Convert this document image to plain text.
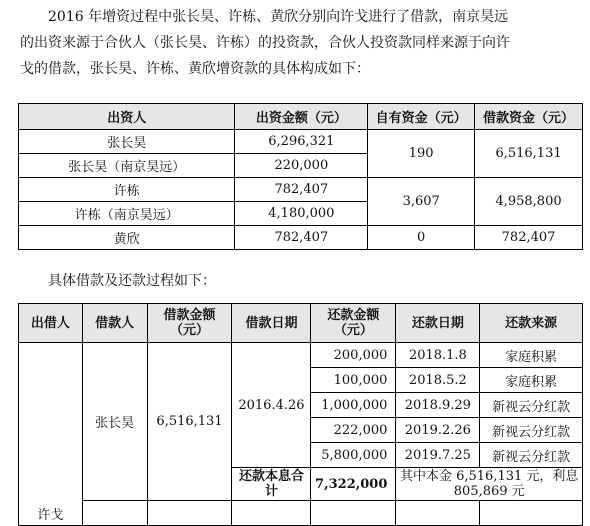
2016 年增资过程中张长昊、许栋、黄欣分别向许戈进行了借款，南京昊远
的出资来源于合伙人（张长昊、许栋）的投资款，合伙人投资款同样来源于向许
戈的借款，张长昊、许栋、黄欣增资款的具体构成如下：
出资人	出资金额（元）	自有资金（元）	借款资金（元）
张长昊	6,296,321	190	6,516,131
张长昊（南京昊远）	220,000		
许栋	782,407	3,607	4,958,800
许栋（南京昊远）	4,180,000		
黄欣	782,407	0	782,407
具体借款及还款过程如下：
出借人	借款人	借款金额（元）	借款日期	还款金额（元）	还款日期	还款来源
许戈	张长昊	6,516,131	2016.4.26	200,000	2018.1.8	家庭积累
				100,000	2018.5.2	家庭积累
				1,000,000	2018.9.29	新视云分红款
				222,000	2019.2.26	新视云分红款
				5,800,000	2019.7.25	新视云分红款
			还款本息合计	7,322,000	其中本金 6,516,131 元，利息 805,869 元	
